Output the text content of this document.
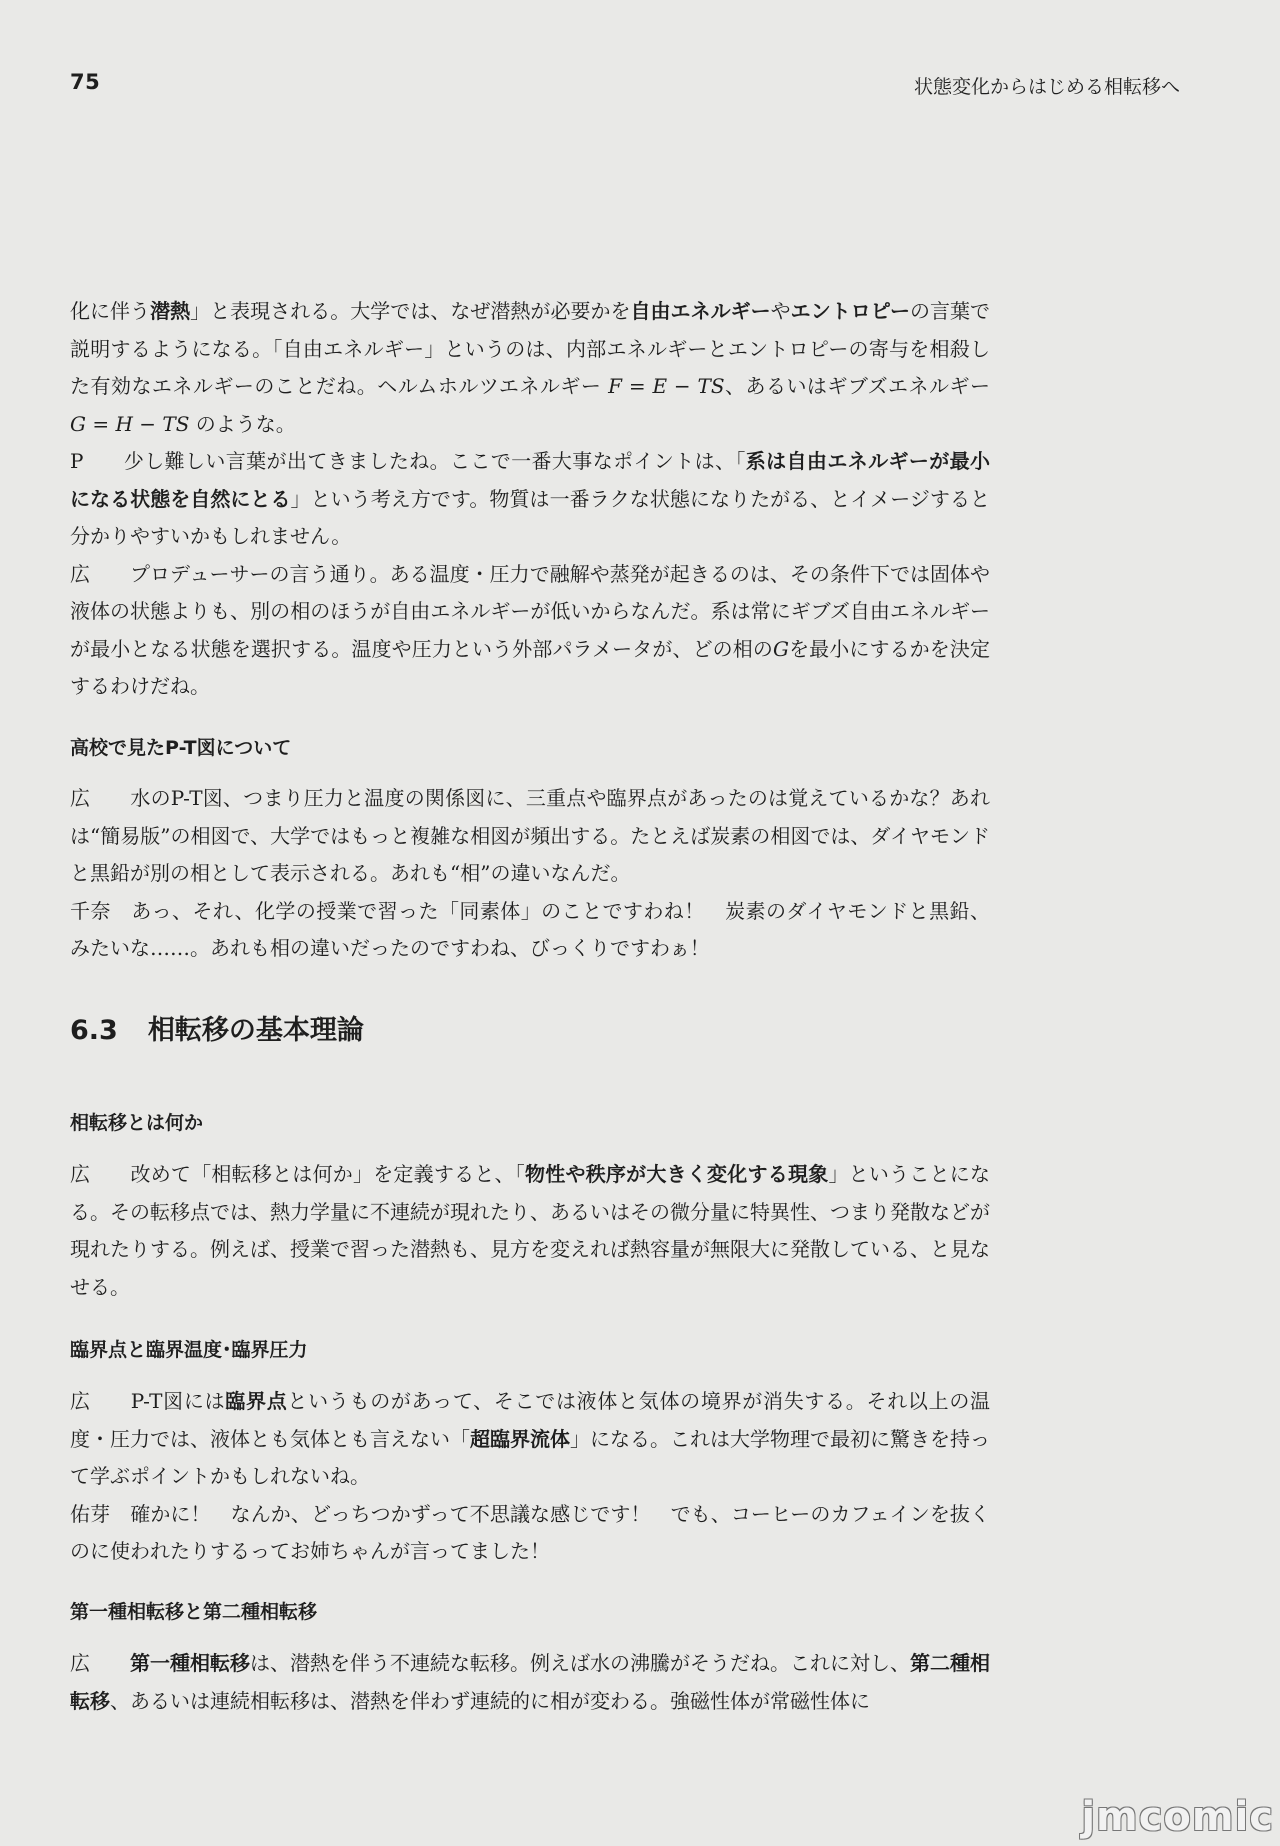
75	状態変化からはじめる相転移へ

化に伴う潜熱」と表現される。大学では、なぜ潜熱が必要かを自由エネルギーやエントロピーの言葉で説明するようになる。「自由エネルギー」というのは、内部エネルギーとエントロピーの寄与を相殺した有効なエネルギーのことだね。ヘルムホルツエネルギー F = E − TS、あるいはギブズエネルギー G = H − TS のような。

P 少し難しい言葉が出てきましたね。ここで一番大事なポイントは、「系は自由エネルギーが最小になる状態を自然にとる」という考え方です。物質は一番ラクな状態になりたがる、とイメージすると分かりやすいかもしれません。

広 プロデューサーの言う通り。ある温度・圧力で融解や蒸発が起きるのは、その条件下では固体や液体の状態よりも、別の相のほうが自由エネルギーが低いからなんだ。系は常にギブズ自由エネルギーが最小となる状態を選択する。温度や圧力という外部パラメータが、どの相のGを最小にするかを決定するわけだね。

高校で見たP-T図について

広 水のP-T図、つまり圧力と温度の関係図に、三重点や臨界点があったのは覚えているかな？あれは“簡易版”の相図で、大学ではもっと複雑な相図が頻出する。たとえば炭素の相図では、ダイヤモンドと黒鉛が別の相として表示される。あれも“相”の違いなんだ。

千奈　あっ、それ、化学の授業で習った「同素体」のことですわね！　炭素のダイヤモンドと黒鉛、みたいな……。あれも相の違いだったのですわね、びっくりですわぁ！

6.3 相転移の基本理論

相転移とは何か

広 改めて「相転移とは何か」を定義すると、「物性や秩序が大きく変化する現象」ということになる。その転移点では、熱力学量に不連続が現れたり、あるいはその微分量に特異性、つまり発散などが現れたりする。例えば、授業で習った潜熱も、見方を変えれば熱容量が無限大に発散している、と見なせる。

臨界点と臨界温度･臨界圧力

広 P-T図には臨界点というものがあって、そこでは液体と気体の境界が消失する。それ以上の温度・圧力では、液体とも気体とも言えない「超臨界流体」になる。これは大学物理で最初に驚きを持って学ぶポイントかもしれないね。

佑芽　確かに！　なんか、どっちつかずって不思議な感じです！　でも、コーヒーのカフェインを抜くのに使われたりするってお姉ちゃんが言ってました！

第一種相転移と第二種相転移

広 第一種相転移は、潜熱を伴う不連続な転移。例えば水の沸騰がそうだね。これに対し、第二種相転移、あるいは連続相転移は、潜熱を伴わず連続的に相が変わる。強磁性体が常磁性体に

jmcomic
